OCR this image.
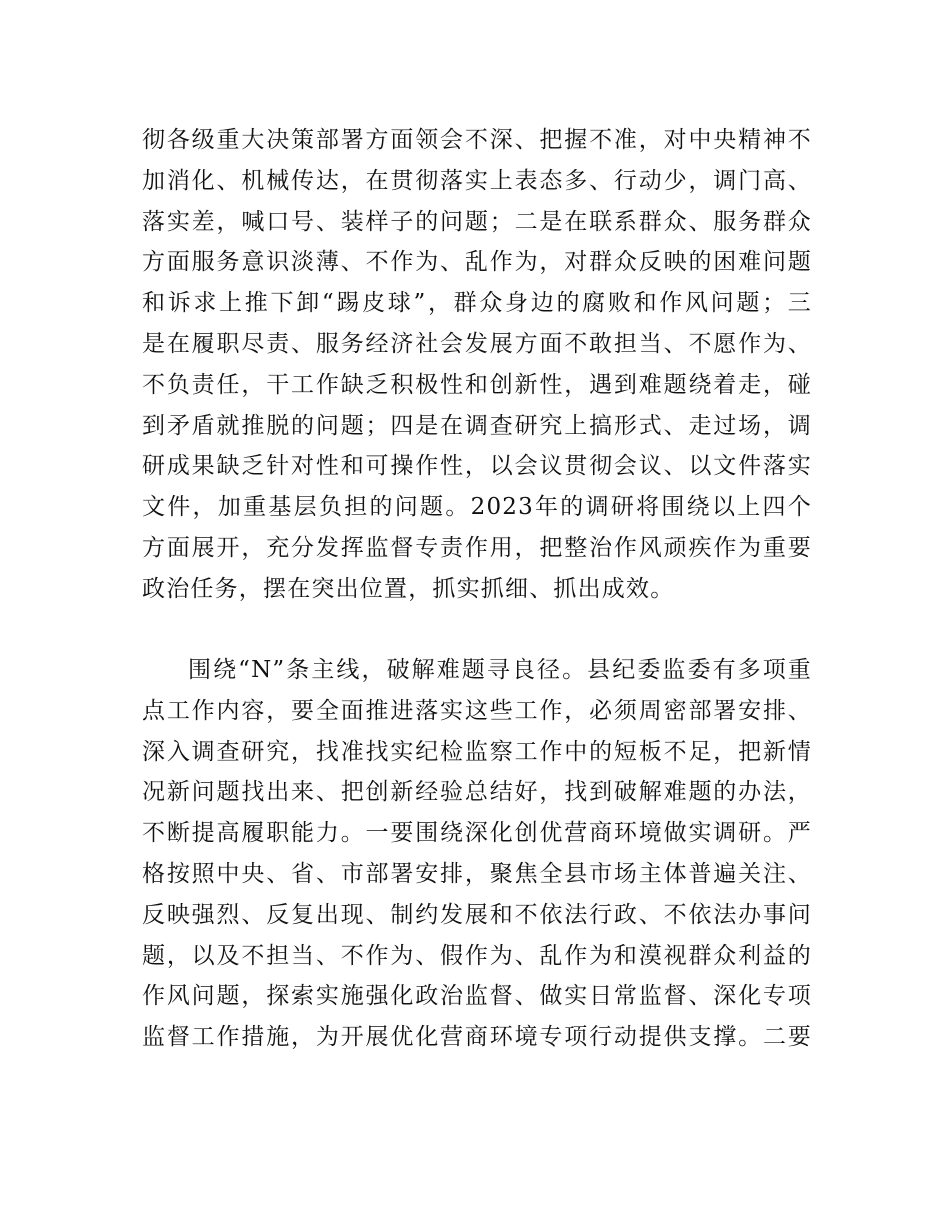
彻各级重大决策部署方面领会不深、把握不准，对中央精神不
加消化、机械传达，在贯彻落实上表态多、行动少，调门高、
落实差，喊口号、装样子的问题；二是在联系群众、服务群众
方面服务意识淡薄、不作为、乱作为，对群众反映的困难问题
和诉求上推下卸“踢皮球”，群众身边的腐败和作风问题；三
是在履职尽责、服务经济社会发展方面不敢担当、不愿作为、
不负责任，干工作缺乏积极性和创新性，遇到难题绕着走，碰
到矛盾就推脱的问题；四是在调查研究上搞形式、走过场，调
研成果缺乏针对性和可操作性，以会议贯彻会议、以文件落实
文件，加重基层负担的问题。2023年的调研将围绕以上四个
方面展开，充分发挥监督专责作用，把整治作风顽疾作为重要
政治任务，摆在突出位置，抓实抓细、抓出成效。
围绕“N”条主线，破解难题寻良径。县纪委监委有多项重
点工作内容，要全面推进落实这些工作，必须周密部署安排、
深入调查研究，找准找实纪检监察工作中的短板不足，把新情
况新问题找出来、把创新经验总结好，找到破解难题的办法，
不断提高履职能力。一要围绕深化创优营商环境做实调研。严
格按照中央、省、市部署安排，聚焦全县市场主体普遍关注、
反映强烈、反复出现、制约发展和不依法行政、不依法办事问
题，以及不担当、不作为、假作为、乱作为和漠视群众利益的
作风问题，探索实施强化政治监督、做实日常监督、深化专项
监督工作措施，为开展优化营商环境专项行动提供支撑。二要
